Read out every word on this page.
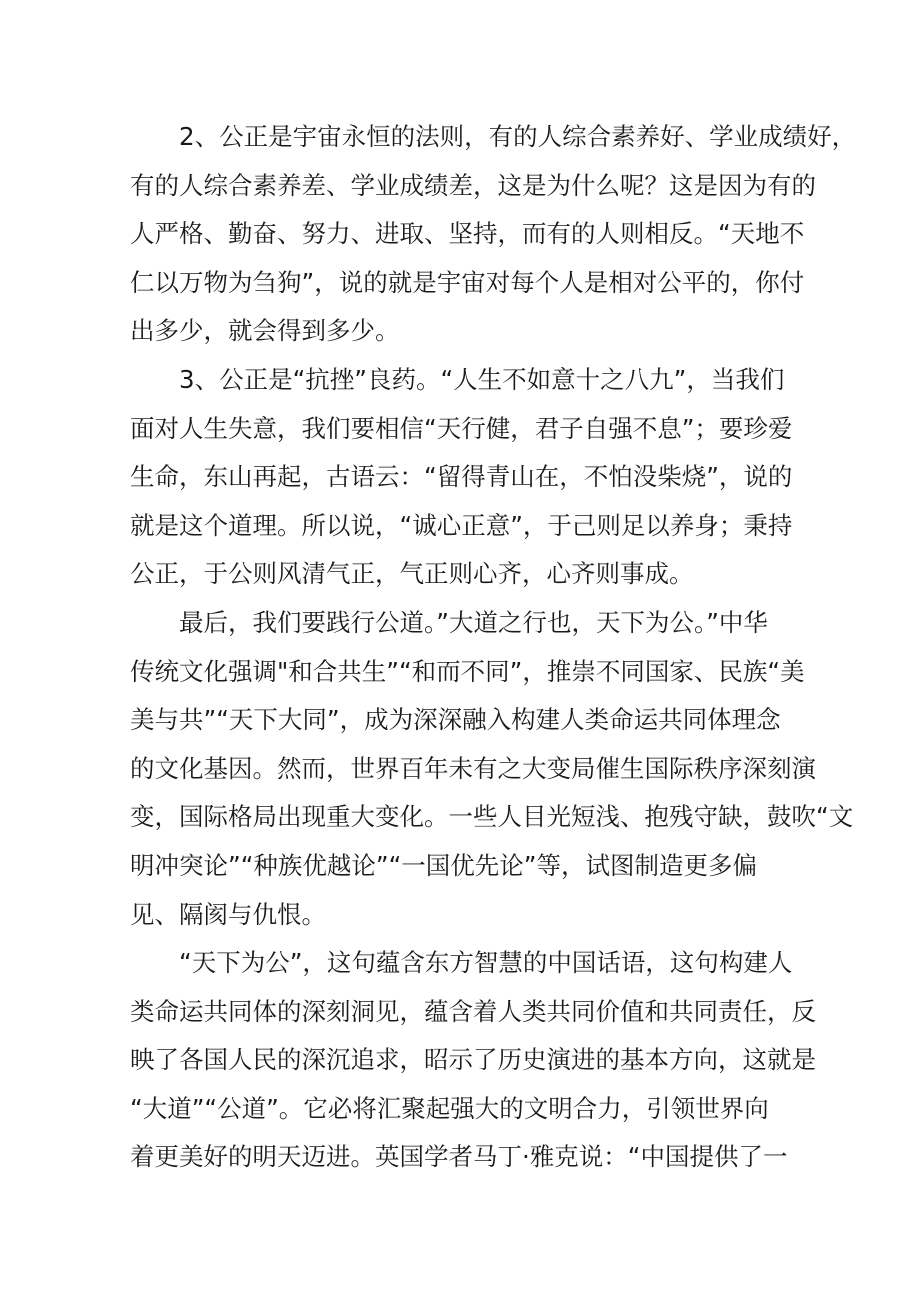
2、公正是宇宙永恒的法则，有的人综合素养好、学业成绩好，
有的人综合素养差、学业成绩差，这是为什么呢？这是因为有的
人严格、勤奋、努力、进取、坚持，而有的人则相反。“天地不
仁以万物为刍狗”，说的就是宇宙对每个人是相对公平的，你付
出多少，就会得到多少。
3、公正是“抗挫”良药。“人生不如意十之八九”，当我们
面对人生失意，我们要相信“天行健，君子自强不息”；要珍爱
生命，东山再起，古语云：“留得青山在，不怕没柴烧”，说的
就是这个道理。所以说，“诚心正意”，于己则足以养身；秉持
公正，于公则风清气正，气正则心齐，心齐则事成。
最后，我们要践行公道。”大道之行也，天下为公。”中华
传统文化强调"和合共生”“和而不同”，推崇不同国家、民族“美
美与共”“天下大同”，成为深深融入构建人类命运共同体理念
的文化基因。然而，世界百年未有之大变局催生国际秩序深刻演
变，国际格局出现重大变化。一些人目光短浅、抱残守缺，鼓吹“文
明冲突论”“种族优越论”“一国优先论”等，试图制造更多偏
见、隔阂与仇恨。
“天下为公”，这句蕴含东方智慧的中国话语，这句构建人
类命运共同体的深刻洞见，蕴含着人类共同价值和共同责任，反
映了各国人民的深沉追求，昭示了历史演进的基本方向，这就是
“大道”“公道”。它必将汇聚起强大的文明合力，引领世界向
着更美好的明天迈进。英国学者马丁·雅克说：“中国提供了一
